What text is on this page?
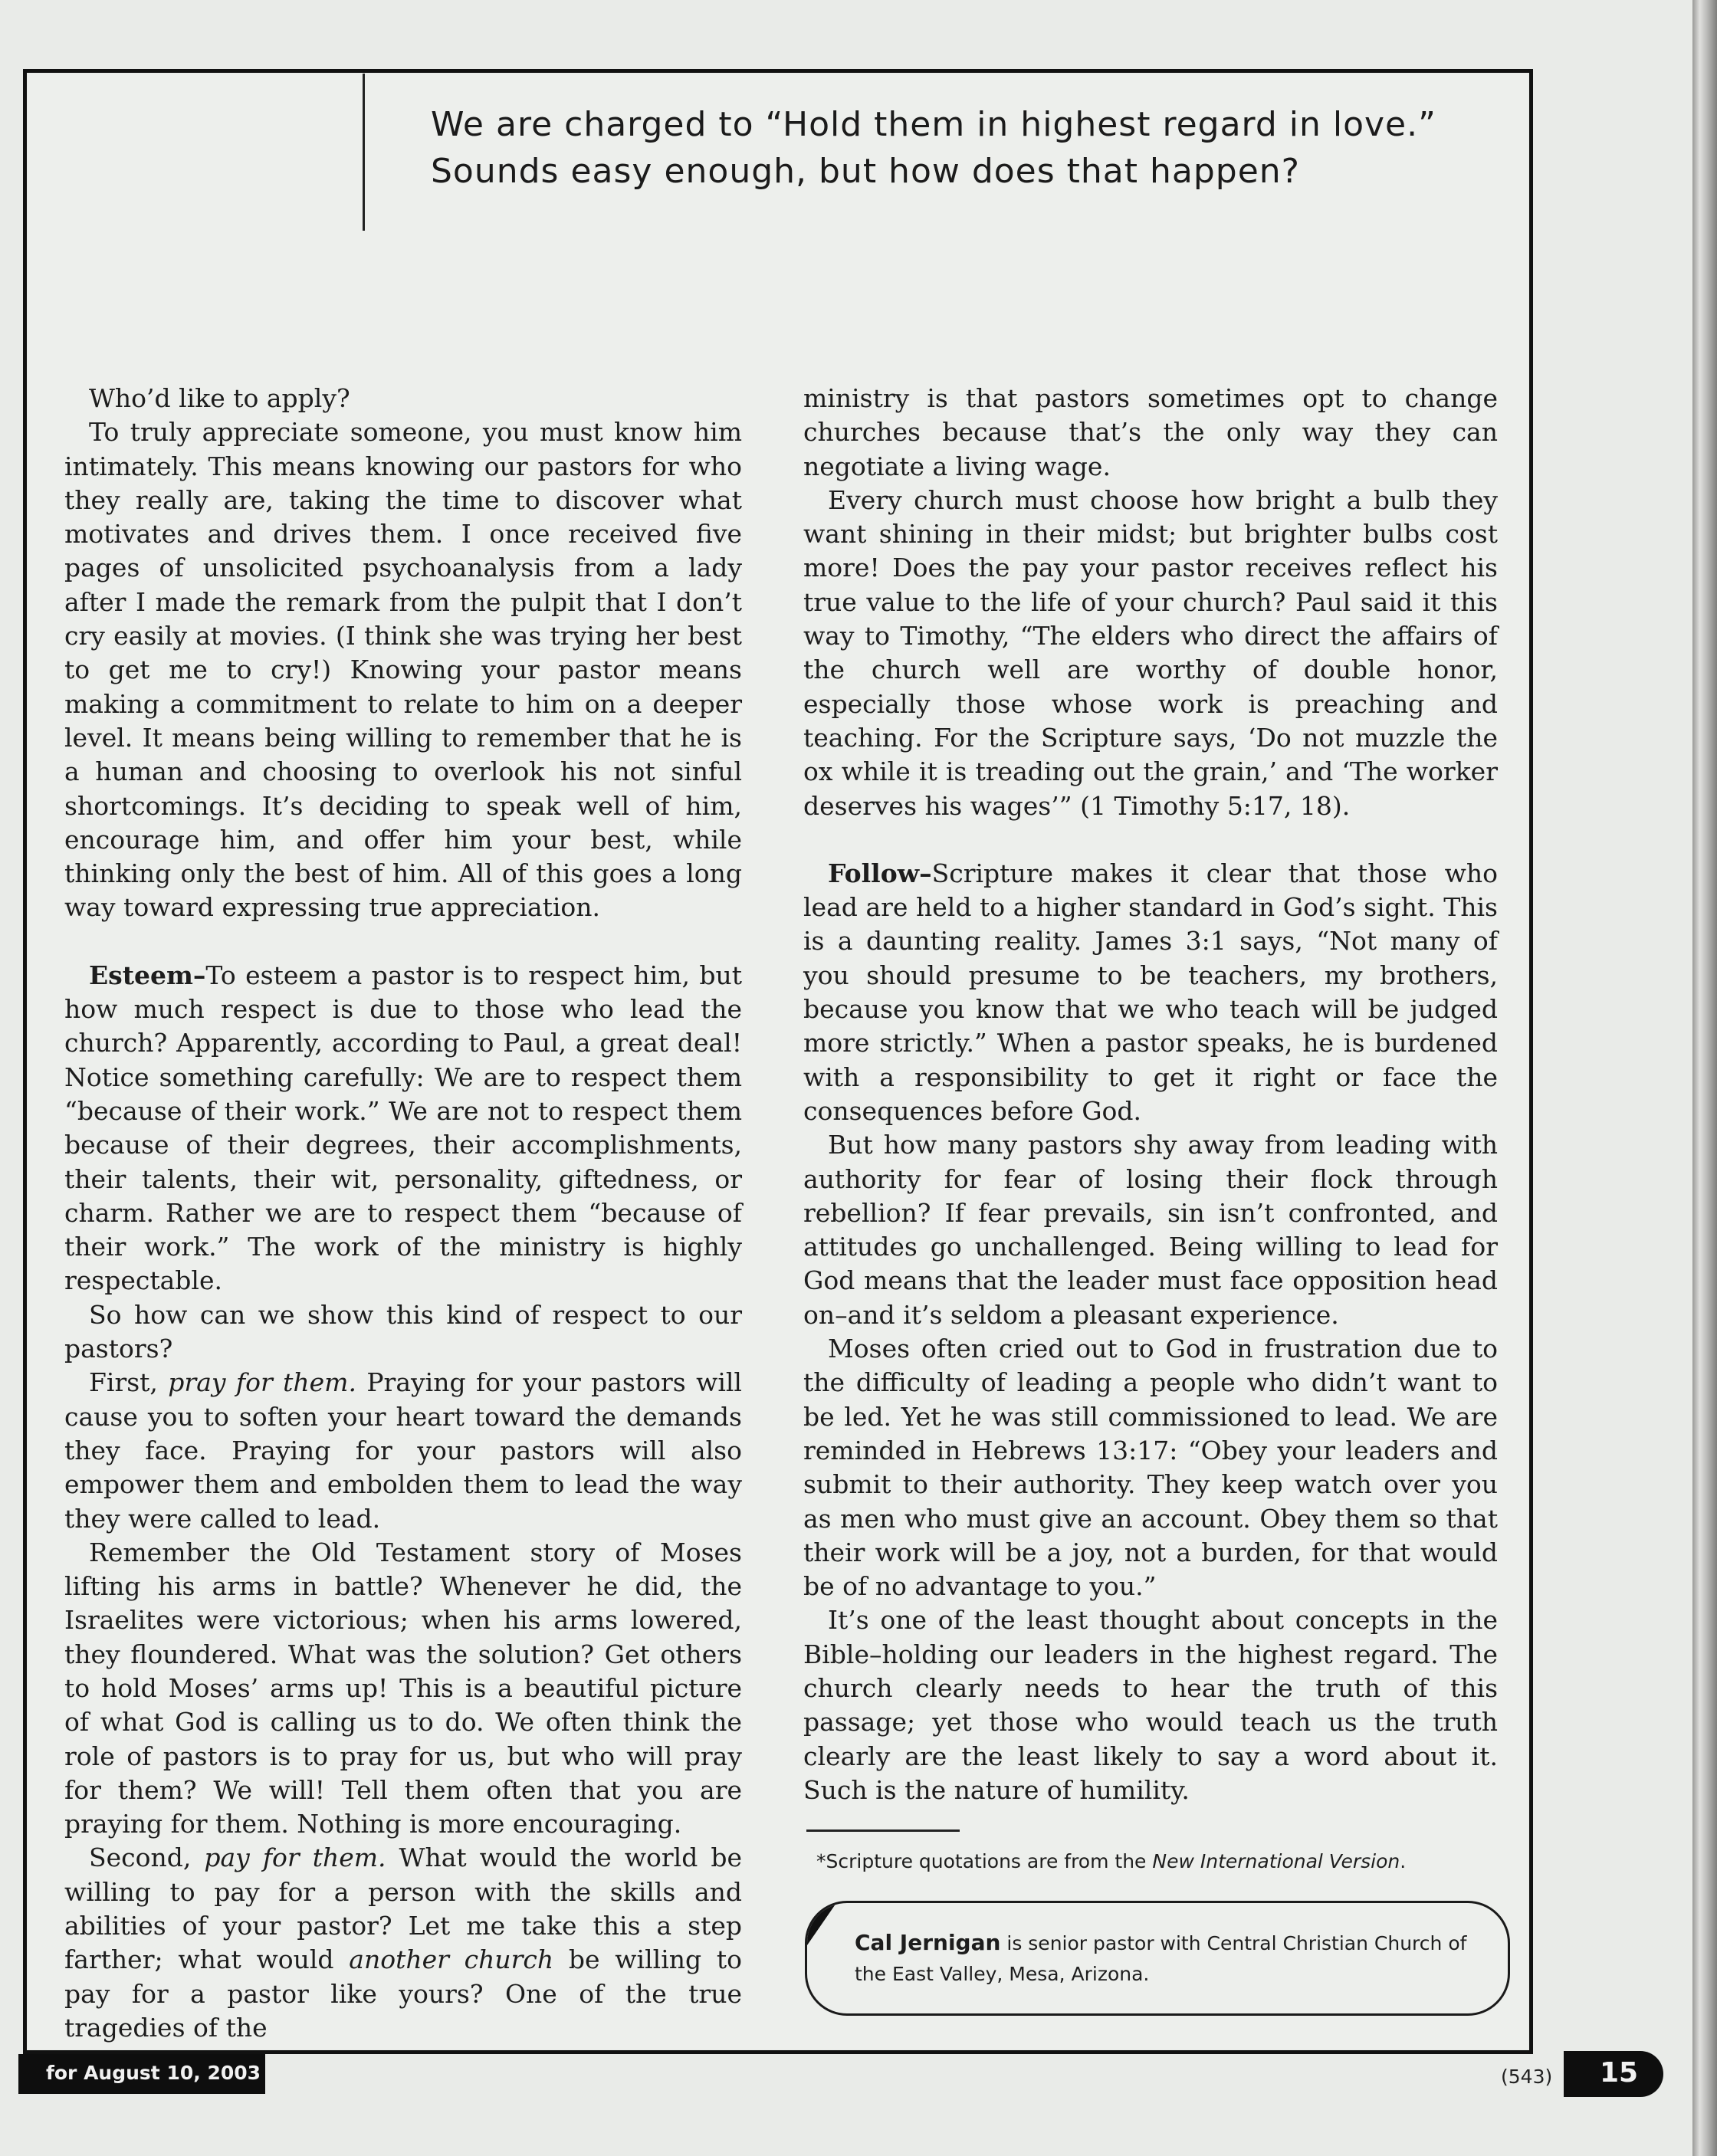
We are charged to “Hold them in highest regard in love.”
Sounds easy enough, but how does that happen?

Who’d like to apply?

To truly appreciate someone, you must know him intimately. This means knowing our pastors for who they really are, taking the time to discover what motivates and drives them. I once received five pages of unsolicited psychoanalysis from a lady after I made the remark from the pulpit that I don’t cry easily at movies. (I think she was trying her best to get me to cry!) Knowing your pastor means making a commitment to relate to him on a deeper level. It means being willing to remember that he is a human and choosing to overlook his not sinful shortcomings. It’s deciding to speak well of him, encourage him, and offer him your best, while thinking only the best of him. All of this goes a long way toward expressing true appreciation.

Esteem–To esteem a pastor is to respect him, but how much respect is due to those who lead the church? Apparently, according to Paul, a great deal! Notice something carefully: We are to respect them “because of their work.” We are not to respect them because of their degrees, their accomplishments, their talents, their wit, personality, giftedness, or charm. Rather we are to respect them “because of their work.” The work of the ministry is highly respectable.

So how can we show this kind of respect to our pastors?

First, pray for them. Praying for your pastors will cause you to soften your heart toward the demands they face. Praying for your pastors will also empower them and embolden them to lead the way they were called to lead.

Remember the Old Testament story of Moses lifting his arms in battle? Whenever he did, the Israelites were victorious; when his arms lowered, they floundered. What was the solution? Get others to hold Moses’ arms up! This is a beautiful picture of what God is calling us to do. We often think the role of pastors is to pray for us, but who will pray for them? We will! Tell them often that you are praying for them. Nothing is more encouraging.

Second, pay for them. What would the world be willing to pay for a person with the skills and abilities of your pastor? Let me take this a step farther; what would another church be willing to pay for a pastor like yours? One of the true tragedies of the

ministry is that pastors sometimes opt to change churches because that’s the only way they can negotiate a living wage.

Every church must choose how bright a bulb they want shining in their midst; but brighter bulbs cost more! Does the pay your pastor receives reflect his true value to the life of your church? Paul said it this way to Timothy, “The elders who direct the affairs of the church well are worthy of double honor, especially those whose work is preaching and teaching. For the Scripture says, ‘Do not muzzle the ox while it is treading out the grain,’ and ‘The worker deserves his wages’” (1 Timothy 5:17, 18).

Follow–Scripture makes it clear that those who lead are held to a higher standard in God’s sight. This is a daunting reality. James 3:1 says, “Not many of you should presume to be teachers, my brothers, because you know that we who teach will be judged more strictly.” When a pastor speaks, he is burdened with a responsibility to get it right or face the consequences before God.

But how many pastors shy away from leading with authority for fear of losing their flock through rebellion? If fear prevails, sin isn’t confronted, and attitudes go unchallenged. Being willing to lead for God means that the leader must face opposition head on–and it’s seldom a pleasant experience.

Moses often cried out to God in frustration due to the difficulty of leading a people who didn’t want to be led. Yet he was still commissioned to lead. We are reminded in Hebrews 13:17: “Obey your leaders and submit to their authority. They keep watch over you as men who must give an account. Obey them so that their work will be a joy, not a burden, for that would be of no advantage to you.”

It’s one of the least thought about concepts in the Bible–holding our leaders in the highest regard. The church clearly needs to hear the truth of this passage; yet those who would teach us the truth clearly are the least likely to say a word about it. Such is the nature of humility.

*Scripture quotations are from the New International Version.
Cal Jernigan is senior pastor with Central Christian Church of the East Valley, Mesa, Arizona.
for August 10, 2003	(543) 15
